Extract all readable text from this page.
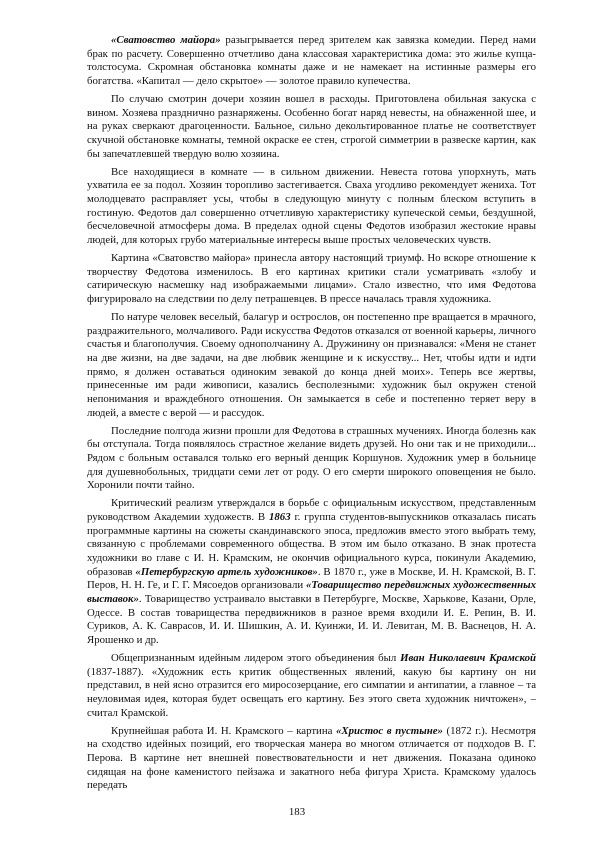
«Сватовство майора» разыгрывается перед зрителем как завязка комедии. Перед нами брак по расчету. Совершенно отчетливо дана классовая характеристика дома: это жилье купца-толстосума. Скромная обстановка комнаты даже и не намекает на истинные размеры его богатства. «Капитал — дело скрытое» — золотое правило купечества.

По случаю смотрин дочери хозяин вошел в расходы. Приготовлена обильная закуска с вином. Хозяева празднично разнаряжены. Особенно богат наряд невесты, на обнаженной шее, и на руках сверкают драгоценности. Бальное, сильно декольтированное платье не соответствует скучной обстановке комнаты, темной окраске ее стен, строгой симметрии в развеске картин, как бы запечатлевшей твердую волю хозяина.

Все находящиеся в комнате — в сильном движении. Невеста готова упорхнуть, мать ухватила ее за подол. Хозяин торопливо застегивается. Сваха угодливо рекомендует жениха. Тот молодцевато расправляет усы, чтобы в следующую минуту с полным блеском вступить в гостиную. Федотов дал совершенно отчетливую характеристику купеческой семьи, бездушной, бесчеловечной атмосферы дома. В пределах одной сцены Федотов изобразил жестокие нравы людей, для которых грубо материальные интересы выше простых человеческих чувств.

Картина «Сватовство майора» принесла автору настоящий триумф. Но вскоре отношение к творчеству Федотова изменилось. В его картинах критики стали усматривать «злобу и сатирическую насмешку над изображаемыми лицами». Стало известно, что имя Федотова фигурировало на следствии по делу петрашевцев. В прессе началась травля художника.

По натуре человек веселый, балагур и острослов, он постепенно пре вращается в мрачного, раздражительного, молчаливого. Ради искусства Федотов отказался от военной карьеры, личного счастья и благополучия. Своему однополчанину А. Дружинину он признавался: «Меня не станет на две жизни, на две задачи, на две любвик женщине и к искусству... Нет, чтобы идти и идти прямо, я должен оставаться одиноким зевакой до конца дней моих». Теперь все жертвы, принесенные им ради живописи, казались бесполезными: художник был окружен стеной непонимания и враждебного отношения. Он замыкается в себе и постепенно теряет веру в людей, а вместе с верой — и рассудок.

Последние полгода жизни прошли для Федотова в страшных мучениях. Иногда болезнь как бы отступала. Тогда появлялось страстное желание видеть друзей. Но они так и не приходили... Рядом с больным оставался только его верный денщик Коршунов. Художник умер в больнице для душевнобольных, тридцати семи лет от роду. О его смерти широкого оповещения не было. Хоронили почти тайно.

Критический реализм утверждался в борьбе с официальным искусством, представленным руководством Академии художеств. В 1863 г. группа студентов-выпускников отказалась писать программные картины на сюжеты скандинавского эпоса, предложив вместо этого выбрать тему, связанную с проблемами современного общества. В этом им было отказано. В знак протеста художники во главе с И. Н. Крамским, не окончив официального курса, покинули Академию, образовав «Петербургскую артель художников». В 1870 г., уже в Москве, И. Н. Крамской, В. Г. Перов, Н. Н. Ге, и Г. Г. Мясоедов организовали «Товарищество передвижных художественных выставок». Товарищество устраивало выставки в Петербурге, Москве, Харькове, Казани, Орле, Одессе. В состав товарищества передвижников в разное время входили И. Е. Репин, В. И. Суриков, А. К. Саврасов, И. И. Шишкин, А. И. Куинжи, И. И. Левитан, М. В. Васнецов, Н. А. Ярошенко и др.

Общепризнанным идейным лидером этого объединения был Иван Николаевич Крамской (1837-1887). «Художник есть критик общественных явлений, какую бы картину он ни представил, в ней ясно отразится его миросозерцание, его симпатии и антипатии, а главное – та неуловимая идея, которая будет освещать его картину. Без этого света художник ничтожен», – считал Крамской.

Крупнейшая работа И. Н. Крамского – картина «Христос в пустыне» (1872 г.). Несмотря на сходство идейных позиций, его творческая манера во многом отличается от подходов В. Г. Перова. В картине нет внешней повествовательности и нет движения. Показана одиноко сидящая на фоне каменистого пейзажа и закатного неба фигура Христа. Крамскому удалось передать

183
